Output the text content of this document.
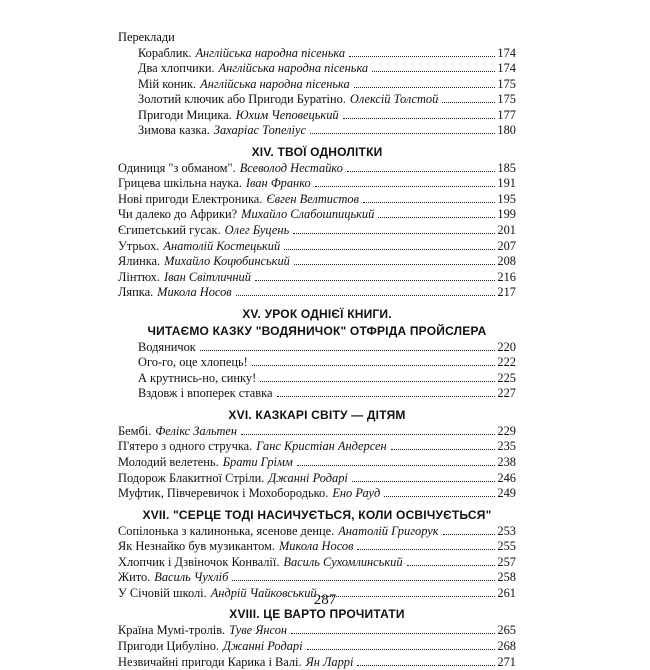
Переклади
Кораблик. Англійська народна пісенька	174
Два хлопчики. Англійська народна пісенька	174
Мій коник. Англійська народна пісенька	175
Золотий ключик або Пригоди Буратіно. Олексій Толстой	175
Пригоди Мицика. Юхим Чеповецький	177
Зимова казка. Захаріас Топеліус	180
XIV. ТВОЇ ОДНОЛІТКИ
Одиниця "з обманом". Всеволод Нестайко	185
Грицева шкільна наука. Іван Франко	191
Нові пригоди Електроника. Євген Велтистов	195
Чи далеко до Африки? Михайло Слабошпицький	199
Єгипетський гусак. Олег Буцень	201
Утрьох. Анатолій Костецький	207
Ялинка. Михайло Коцюбинський	208
Лінтюх. Іван Світличний	216
Ляпка. Микола Носов	217
XV. УРОК ОДНІЄЇ КНИГИ.
ЧИТАЄМО КАЗКУ "ВОДЯНИЧОК" ОТФРІДА ПРОЙСЛЕРА
Водяничок	220
Ого-го, оце хлопець!	222
А крутнись-но, синку!	225
Вздовж і впоперек ставка	227
XVI. КАЗКАРІ СВІТУ — ДІТЯМ
Бембі. Фелікс Зальтен	229
П'ятеро з одного стручка. Ганс Кристіан Андерсен	235
Молодий велетень. Брати Грімм	238
Подорож Блакитної Стріли. Джанні Родарі	246
Муфтик, Півчеревичок і Мохобородько. Ено Рауд	249
XVII. "СЕРЦЕ ТОДІ НАСИЧУЄТЬСЯ, КОЛИ ОСВІЧУЄТЬСЯ"
Сопілонька з калинонька, ясенове денце. Анатолій Григорук	253
Як Незнайко був музикантом. Микола Носов	255
Хлопчик і Дзвіночок Конвалії. Василь Сухомлинський	257
Жито. Василь Чухліб	258
У Січовій школі. Андрій Чайковський	261
XVIII. ЦЕ ВАРТО ПРОЧИТАТИ
Країна Мумі-тролів. Туве Янсон	265
Пригоди Цибуліно. Джанні Родарі	268
Незвичайні пригоди Карика і Валі. Ян Ларрі	271
287
